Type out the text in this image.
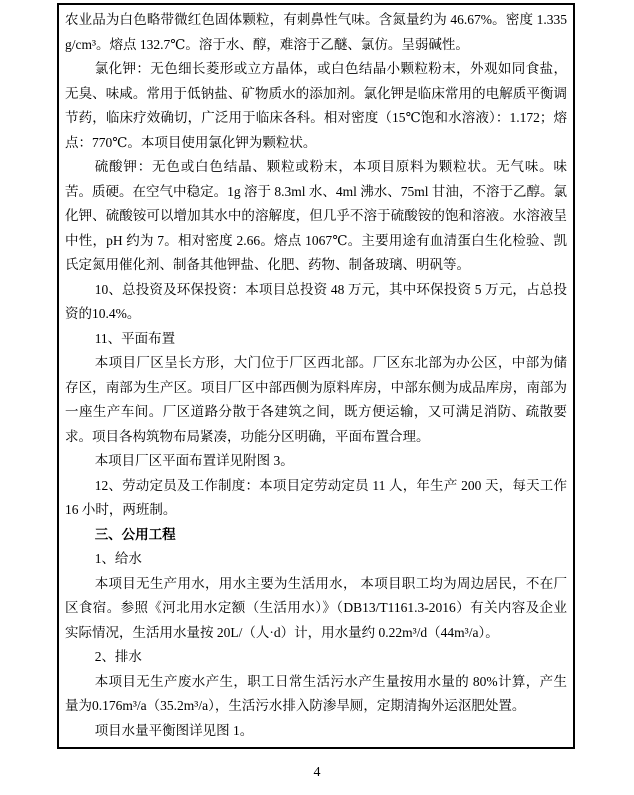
农业品为白色略带微红色固体颗粒，有刺鼻性气味。含氮量约为 46.67%。密度 1.335g/cm³。熔点 132.7℃。溶于水、醇，难溶于乙醚、氯仿。呈弱碱性。

氯化钾：无色细长菱形或立方晶体，或白色结晶小颗粒粉末，外观如同食盐，无臭、味咸。常用于低钠盐、矿物质水的添加剂。氯化钾是临床常用的电解质平衡调节药，临床疗效确切，广泛用于临床各科。相对密度（15℃饱和水溶液）：1.172；熔点：770℃。本项目使用氯化钾为颗粒状。

硫酸钾：无色或白色结晶、颗粒或粉末，本项目原料为颗粒状。无气味。味苦。质硬。在空气中稳定。1g 溶于 8.3ml 水、4ml 沸水、75ml 甘油，不溶于乙醇。氯化钾、硫酸铵可以增加其水中的溶解度，但几乎不溶于硫酸铵的饱和溶液。水溶液呈中性，pH 约为 7。相对密度 2.66。熔点 1067℃。主要用途有血清蛋白生化检验、凯氏定氮用催化剂、制备其他钾盐、化肥、药物、制备玻璃、明矾等。

10、总投资及环保投资：本项目总投资 48 万元，其中环保投资 5 万元，占总投资的10.4%。

11、平面布置

本项目厂区呈长方形，大门位于厂区西北部。厂区东北部为办公区，中部为储存区，南部为生产区。项目厂区中部西侧为原料库房，中部东侧为成品库房，南部为一座生产车间。厂区道路分散于各建筑之间，既方便运输，又可满足消防、疏散要求。项目各构筑物布局紧凑，功能分区明确，平面布置合理。

本项目厂区平面布置详见附图 3。

12、劳动定员及工作制度：本项目定劳动定员 11 人，年生产 200 天，每天工作 16 小时，两班制。

三、公用工程

1、给水

本项目无生产用水，用水主要为生活用水， 本项目职工均为周边居民，不在厂区食宿。参照《河北用水定额（生活用水）》（DB13/T1161.3-2016）有关内容及企业实际情况，生活用水量按 20L/（人·d）计，用水量约 0.22m³/d（44m³/a）。

2、排水

本项目无生产废水产生，职工日常生活污水产生量按用水量的 80%计算，产生量为0.176m³/a（35.2m³/a），生活污水排入防渗旱厕，定期清掏外运沤肥处置。

项目水量平衡图详见图 1。

4
